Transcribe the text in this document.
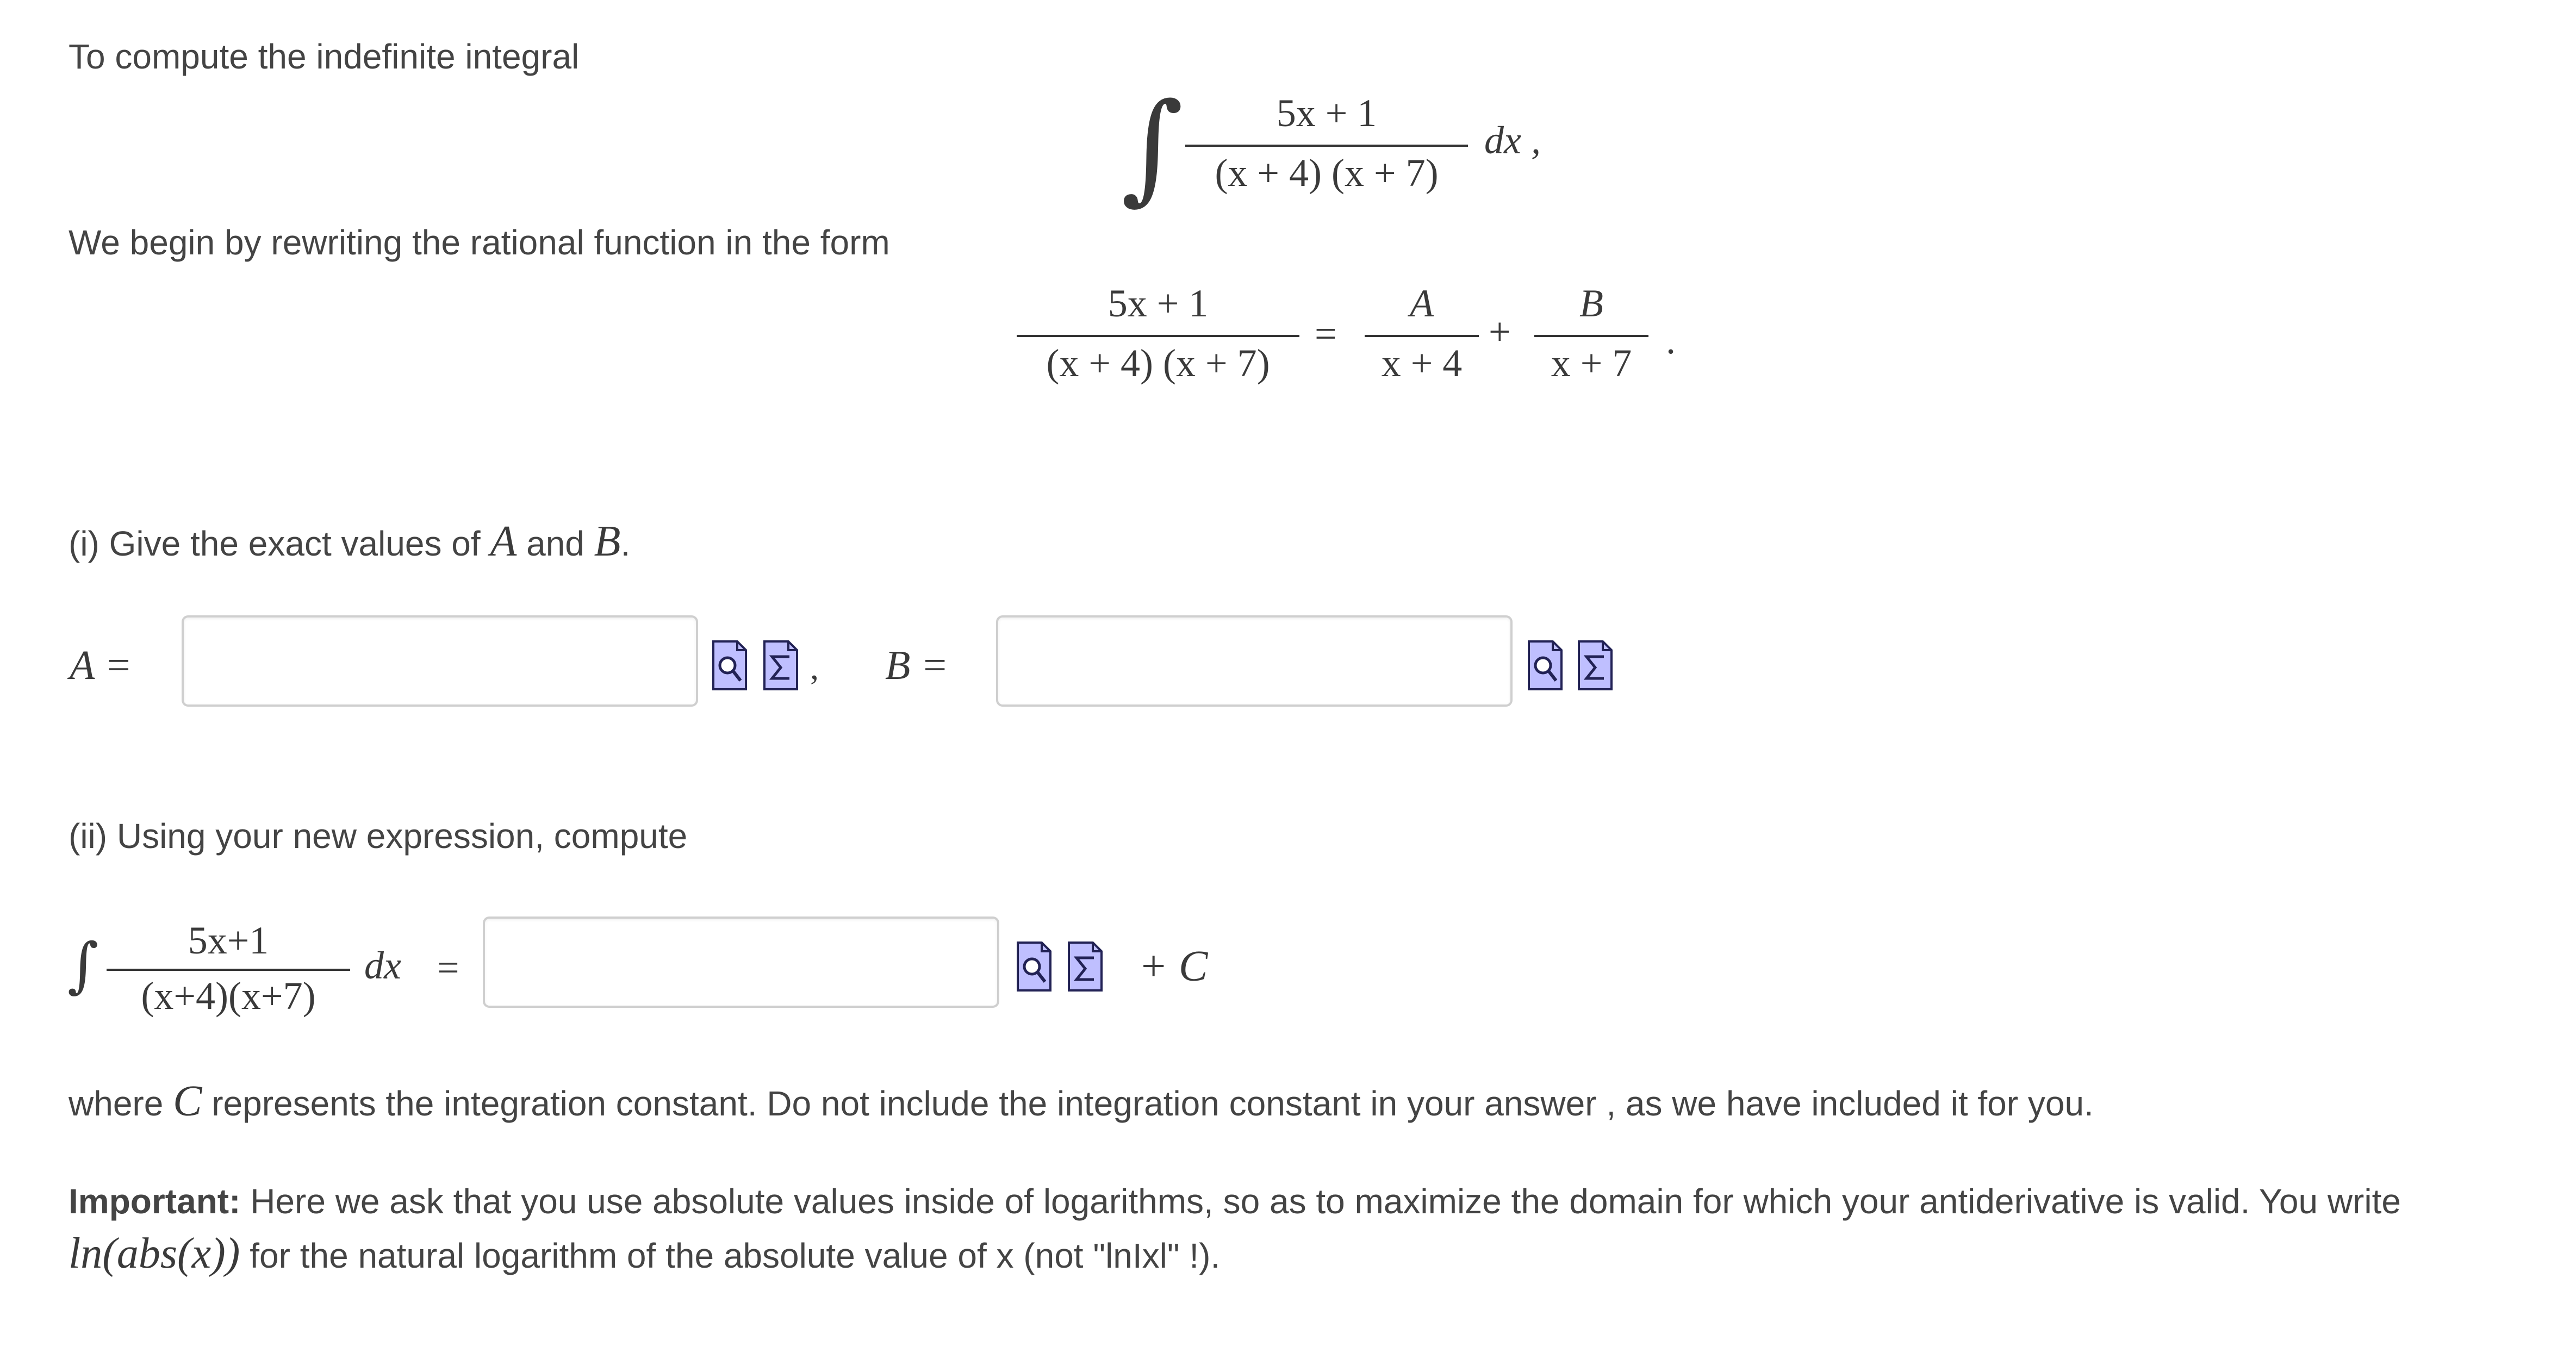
To compute the indefinite integral
∫	5x + 1
(x + 4) (x + 7)
dx ,
We begin by rewriting the rational function in the form
5x + 1
(x + 4) (x + 7)
=
A
x + 4
+
B
x + 7
.
(i) Give the exact values of A and B.
A =	, B =
(ii) Using your new expression, compute
∫	5x+1
(x+4)(x+7)
dx =	+ C
where C represents the integration constant. Do not include the integration constant in your answer , as we have included it for you.
Important: Here we ask that you use absolute values inside of logarithms, so as to maximize the domain for which your antiderivative is valid. You write
ln(abs(x)) for the natural logarithm of the absolute value of x (not "lnIxl" !).
